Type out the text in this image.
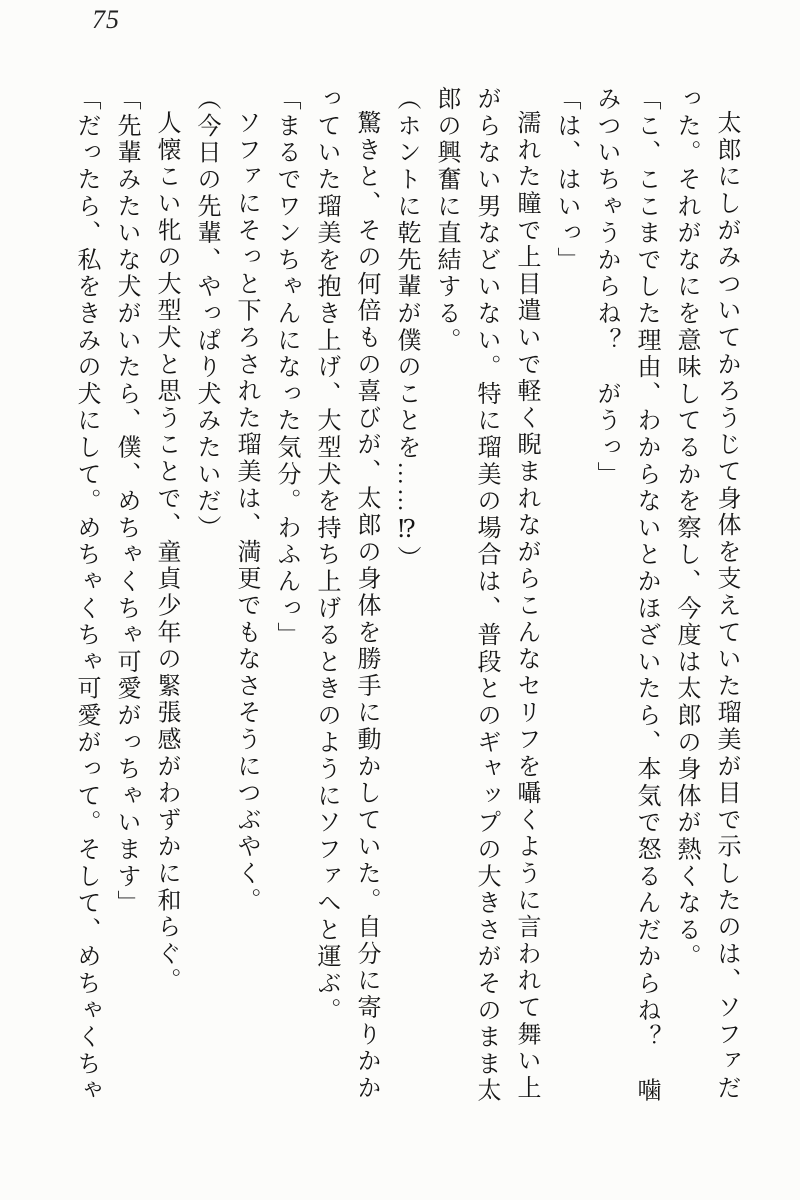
75

太郎にしがみついてかろうじて身体を支えていた瑠美が目で示したのは、ソファだった。それがなにを意味してるかを察し、今度は太郎の身体が熱くなる。

「こ、ここまでした理由、わからないとかほざいたら、本気で怒るんだからね？　噛みついちゃうからね？　がうっ」

「は、はいっ」

濡れた瞳で上目遣いで軽く睨まれながらこんなセリフを囁くように言われて舞い上がらない男などいない。特に瑠美の場合は、普段とのギャップの大きさがそのまま太郎の興奮に直結する。

（ホントに乾先輩が僕のことを……⁉）

驚きと、その何倍もの喜びが、太郎の身体を勝手に動かしていた。自分に寄りかかっていた瑠美を抱き上げ、大型犬を持ち上げるときのようにソファへと運ぶ。

「まるでワンちゃんになった気分。わふんっ」

ソファにそっと下ろされた瑠美は、満更でもなさそうにつぶやく。

（今日の先輩、やっぱり犬みたいだ）

人懐こい牝の大型犬と思うことで、童貞少年の緊張感がわずかに和らぐ。

「先輩みたいな犬がいたら、僕、めちゃくちゃ可愛がっちゃいます」

「だったら、私をきみの犬にして。めちゃくちゃ可愛がって。そして、めちゃくちゃ
